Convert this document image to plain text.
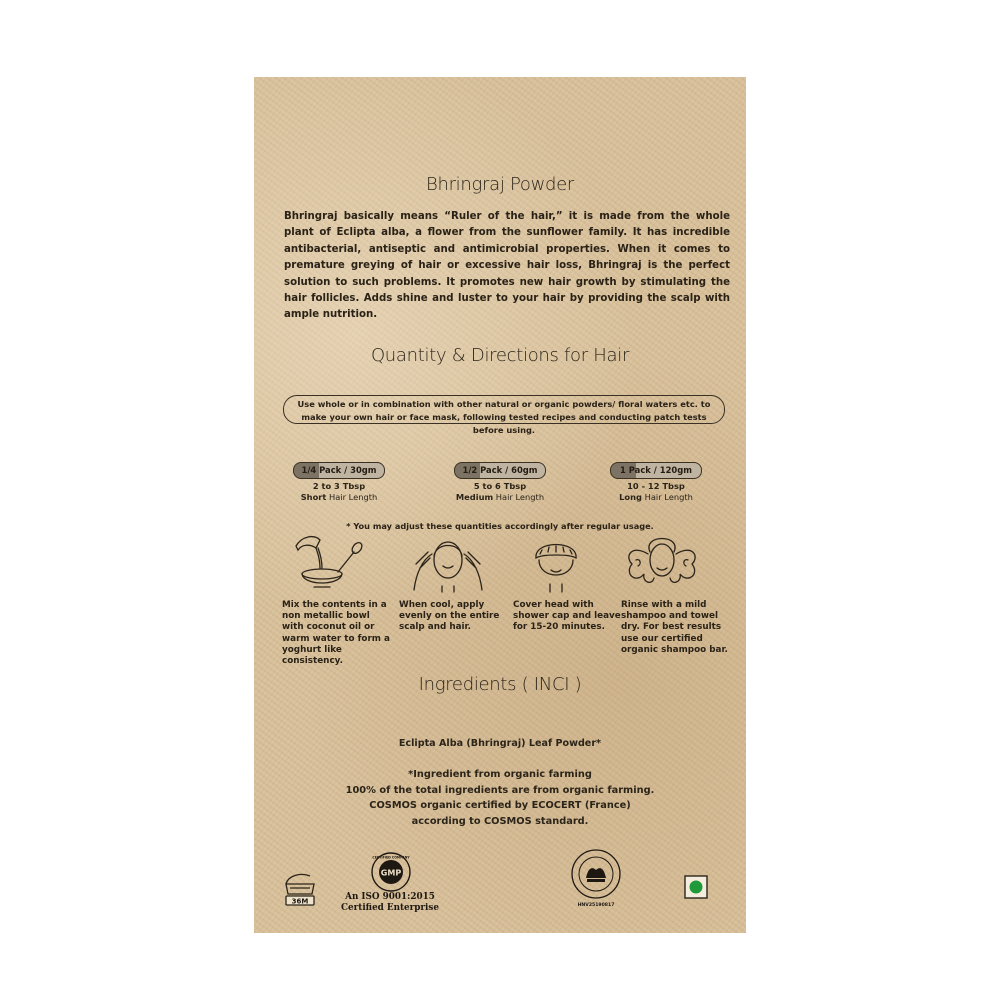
Bhringraj Powder
Bhringraj basically means “Ruler of the hair,” it is made from the whole plant of Eclipta alba, a flower from the sunflower family. It has incredible antibacterial, antiseptic and antimicrobial properties. When it comes to premature greying of hair or excessive hair loss, Bhringraj is the perfect solution to such problems. It promotes new hair growth by stimulating the hair follicles. Adds shine and luster to your hair by providing the scalp with ample nutrition.
Quantity & Directions for Hair
Use whole or in combination with other natural or organic powders/ floral waters etc. to make your own hair or face mask, following tested recipes and conducting patch tests before using.
1/4 Pack / 30gm
2 to 3 Tbsp
Short Hair Length
1/2 Pack / 60gm
5 to 6 Tbsp
Medium Hair Length
1 Pack / 120gm
10 - 12 Tbsp
Long Hair Length
* You may adjust these quantities accordingly after regular usage.
Mix the contents in a non metallic bowl with coconut oil or warm water to form a yoghurt like consistency.
When cool, apply evenly on the entire scalp and hair.
Cover head with shower cap and leave for 15-20 minutes.
Rinse with a mild shampoo and towel dry. For best results use our certified organic shampoo bar.
Ingredients ( INCI )
Eclipta Alba (Bhringraj) Leaf Powder*
*Ingredient from organic farming
100% of the total ingredients are from organic farming.
COSMOS organic certified by ECOCERT (France)
according to COSMOS standard.
36M
GMP
CERTIFIED COMPANY
An ISO 9001:2015
Certified Enterprise	HNV25190817
